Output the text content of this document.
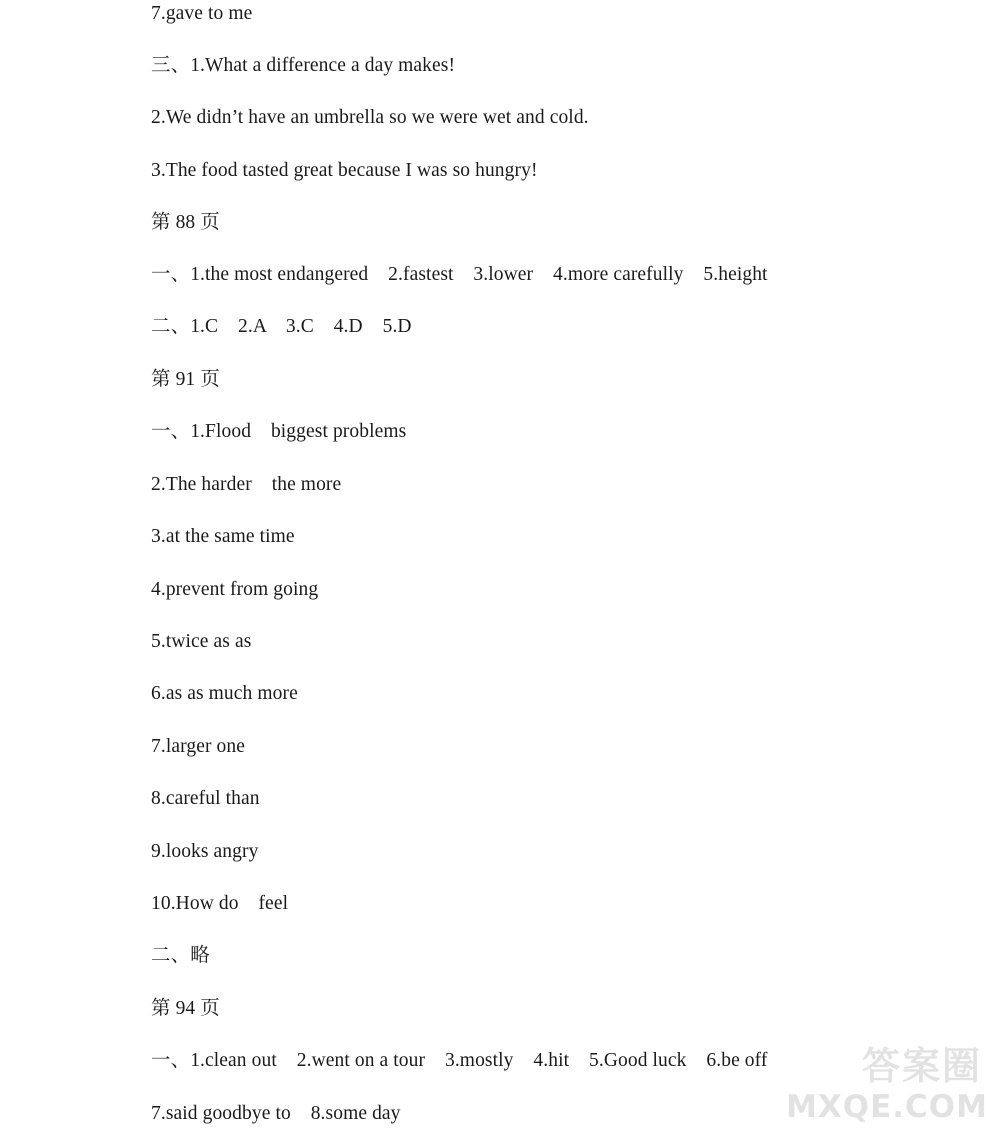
7.gave to me
三、1.What a difference a day makes!
2.We didn’t have an umbrella so we were wet and cold.
3.The food tasted great because I was so hungry!
第 88 页
一、1.the most endangered    2.fastest    3.lower    4.more carefully    5.height
二、1.C    2.A    3.C    4.D    5.D
第 91 页
一、1.Flood    biggest problems
2.The harder    the more
3.at the same time
4.prevent from going
5.twice as as
6.as as much more
7.larger one
8.careful than
9.looks angry
10.How do    feel
二、略
第 94 页
一、1.clean out    2.went on a tour    3.mostly    4.hit    5.Good luck    6.be off
7.said goodbye to    8.some day
答案圈
MXQE.COM
